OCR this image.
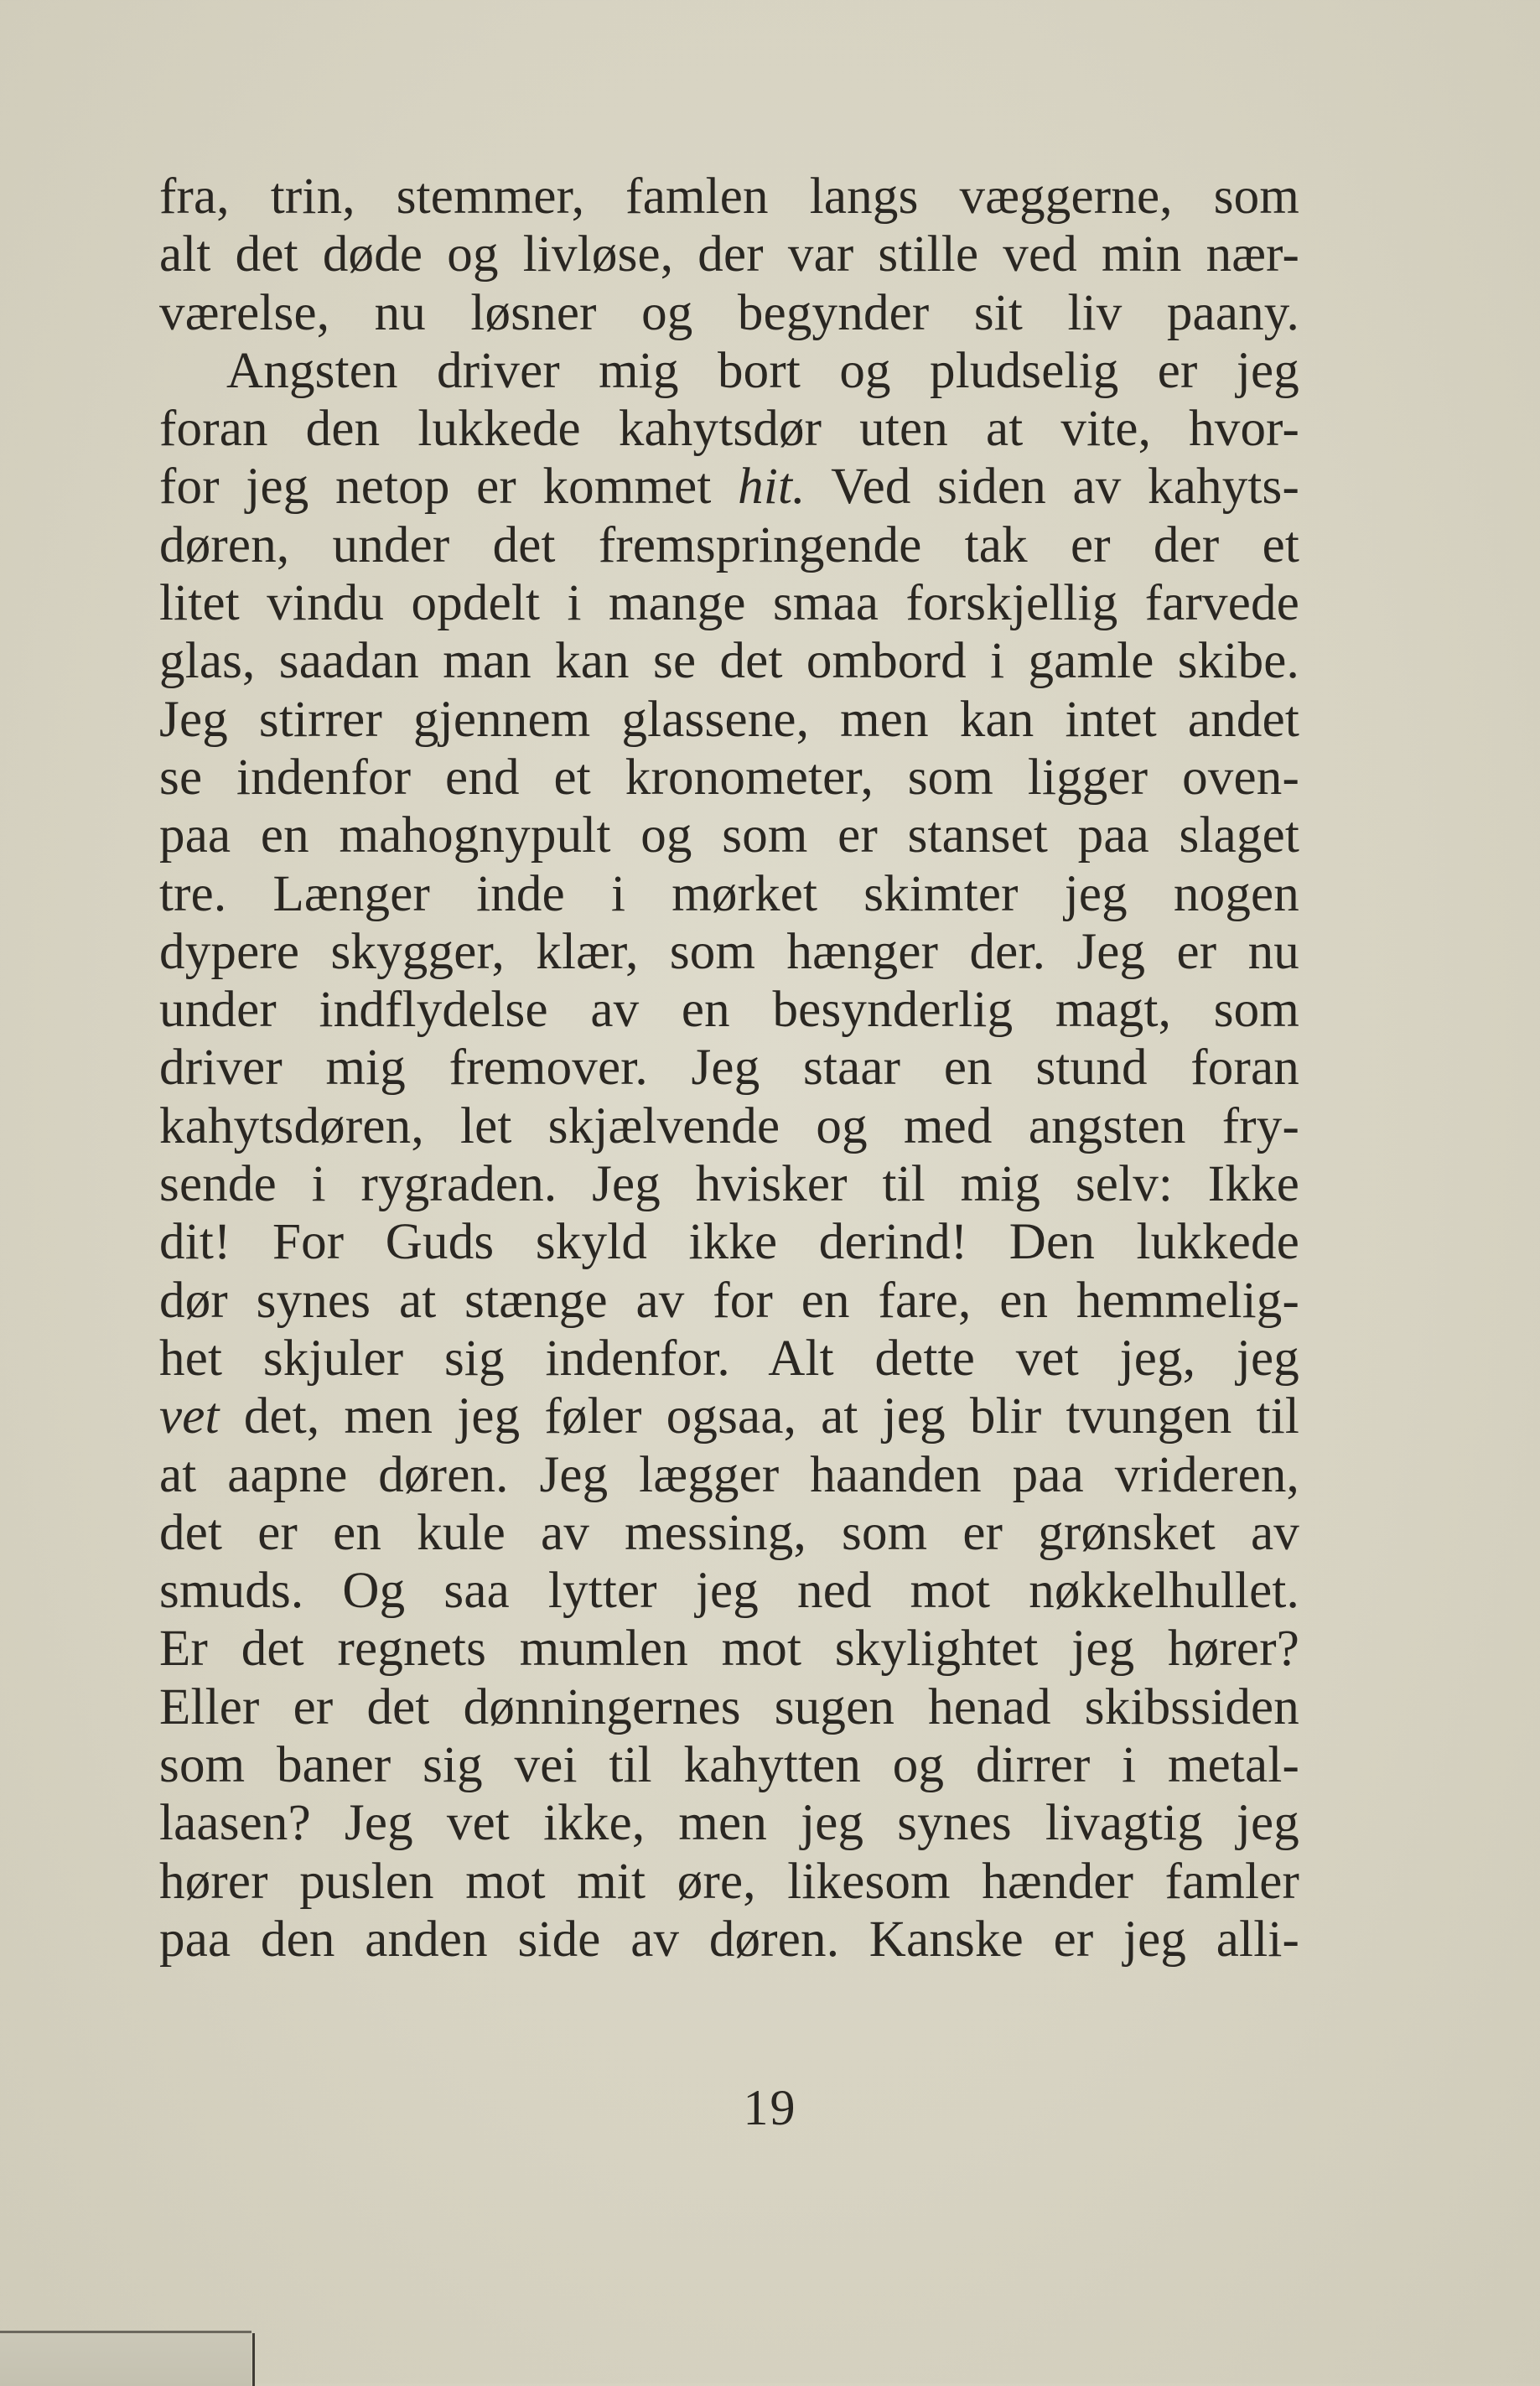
fra, trin, stemmer, famlen langs væggerne, som
alt det døde og livløse, der var stille ved min nær-
værelse, nu løsner og begynder sit liv paany.
Angsten driver mig bort og pludselig er jeg
foran den lukkede kahytsdør uten at vite, hvor-
for jeg netop er kommet hit. Ved siden av kahyts-
døren, under det fremspringende tak er der et
litet vindu opdelt i mange smaa forskjellig farvede
glas, saadan man kan se det ombord i gamle skibe.
Jeg stirrer gjennem glassene, men kan intet andet
se indenfor end et kronometer, som ligger oven-
paa en mahognypult og som er stanset paa slaget
tre. Længer inde i mørket skimter jeg nogen
dypere skygger, klær, som hænger der. Jeg er nu
under indflydelse av en besynderlig magt, som
driver mig fremover. Jeg staar en stund foran
kahytsdøren, let skjælvende og med angsten fry-
sende i rygraden. Jeg hvisker til mig selv: Ikke
dit! For Guds skyld ikke derind! Den lukkede
dør synes at stænge av for en fare, en hemmelig-
het skjuler sig indenfor. Alt dette vet jeg, jeg
vet det, men jeg føler ogsaa, at jeg blir tvungen til
at aapne døren. Jeg lægger haanden paa vrideren,
det er en kule av messing, som er grønsket av
smuds. Og saa lytter jeg ned mot nøkkelhullet.
Er det regnets mumlen mot skylightet jeg hører?
Eller er det dønningernes sugen henad skibssiden
som baner sig vei til kahytten og dirrer i metal-
laasen? Jeg vet ikke, men jeg synes livagtig jeg
hører puslen mot mit øre, likesom hænder famler
paa den anden side av døren. Kanske er jeg alli-
19
